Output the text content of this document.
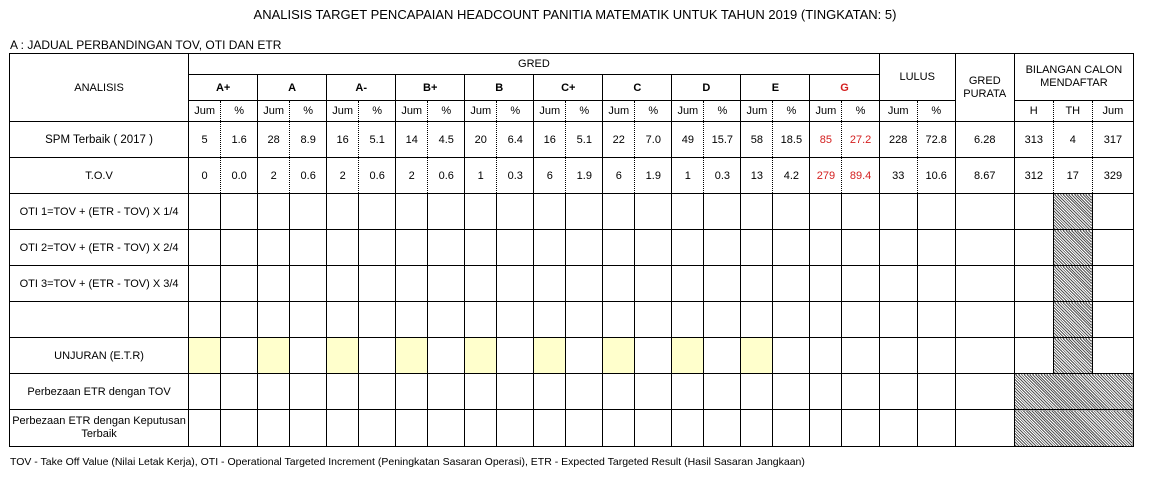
ANALISIS TARGET PENCAPAIAN HEADCOUNT PANITIA MATEMATIK UNTUK TAHUN 2019 (TINGKATAN: 5)
A : JADUAL PERBANDINGAN TOV, OTI DAN ETR
ANALISIS	GRED																				LULUS		GRED PURATA	BILANGAN CALON MENDAFTAR		
	A+		A		A-		B+		B		C+		C		D		E		G							
	Jum	%	Jum	%	Jum	%	Jum	%	Jum	%	Jum	%	Jum	%	Jum	%	Jum	%	Jum	%	Jum	%		H	TH	Jum
SPM Terbaik ( 2017 )	5	1.6	28	8.9	16	5.1	14	4.5	20	6.4	16	5.1	22	7.0	49	15.7	58	18.5	85	27.2	228	72.8	6.28	313	4	317
T.O.V	0	0.0	2	0.6	2	0.6	2	0.6	1	0.3	6	1.9	6	1.9	1	0.3	13	4.2	279	89.4	33	10.6	8.67	312	17	329
OTI 1=TOV + (ETR - TOV) X 1/4																										
OTI 2=TOV + (ETR - TOV) X 2/4																										
OTI 3=TOV + (ETR - TOV) X 3/4																										

UNJURAN (E.T.R)																										
Perbezaan ETR dengan TOV																										
Perbezaan ETR dengan Keputusan Terbaik																										
TOV - Take Off Value (Nilai Letak Kerja), OTI - Operational Targeted Increment (Peningkatan Sasaran Operasi), ETR - Expected Targeted Result (Hasil Sasaran Jangkaan)
